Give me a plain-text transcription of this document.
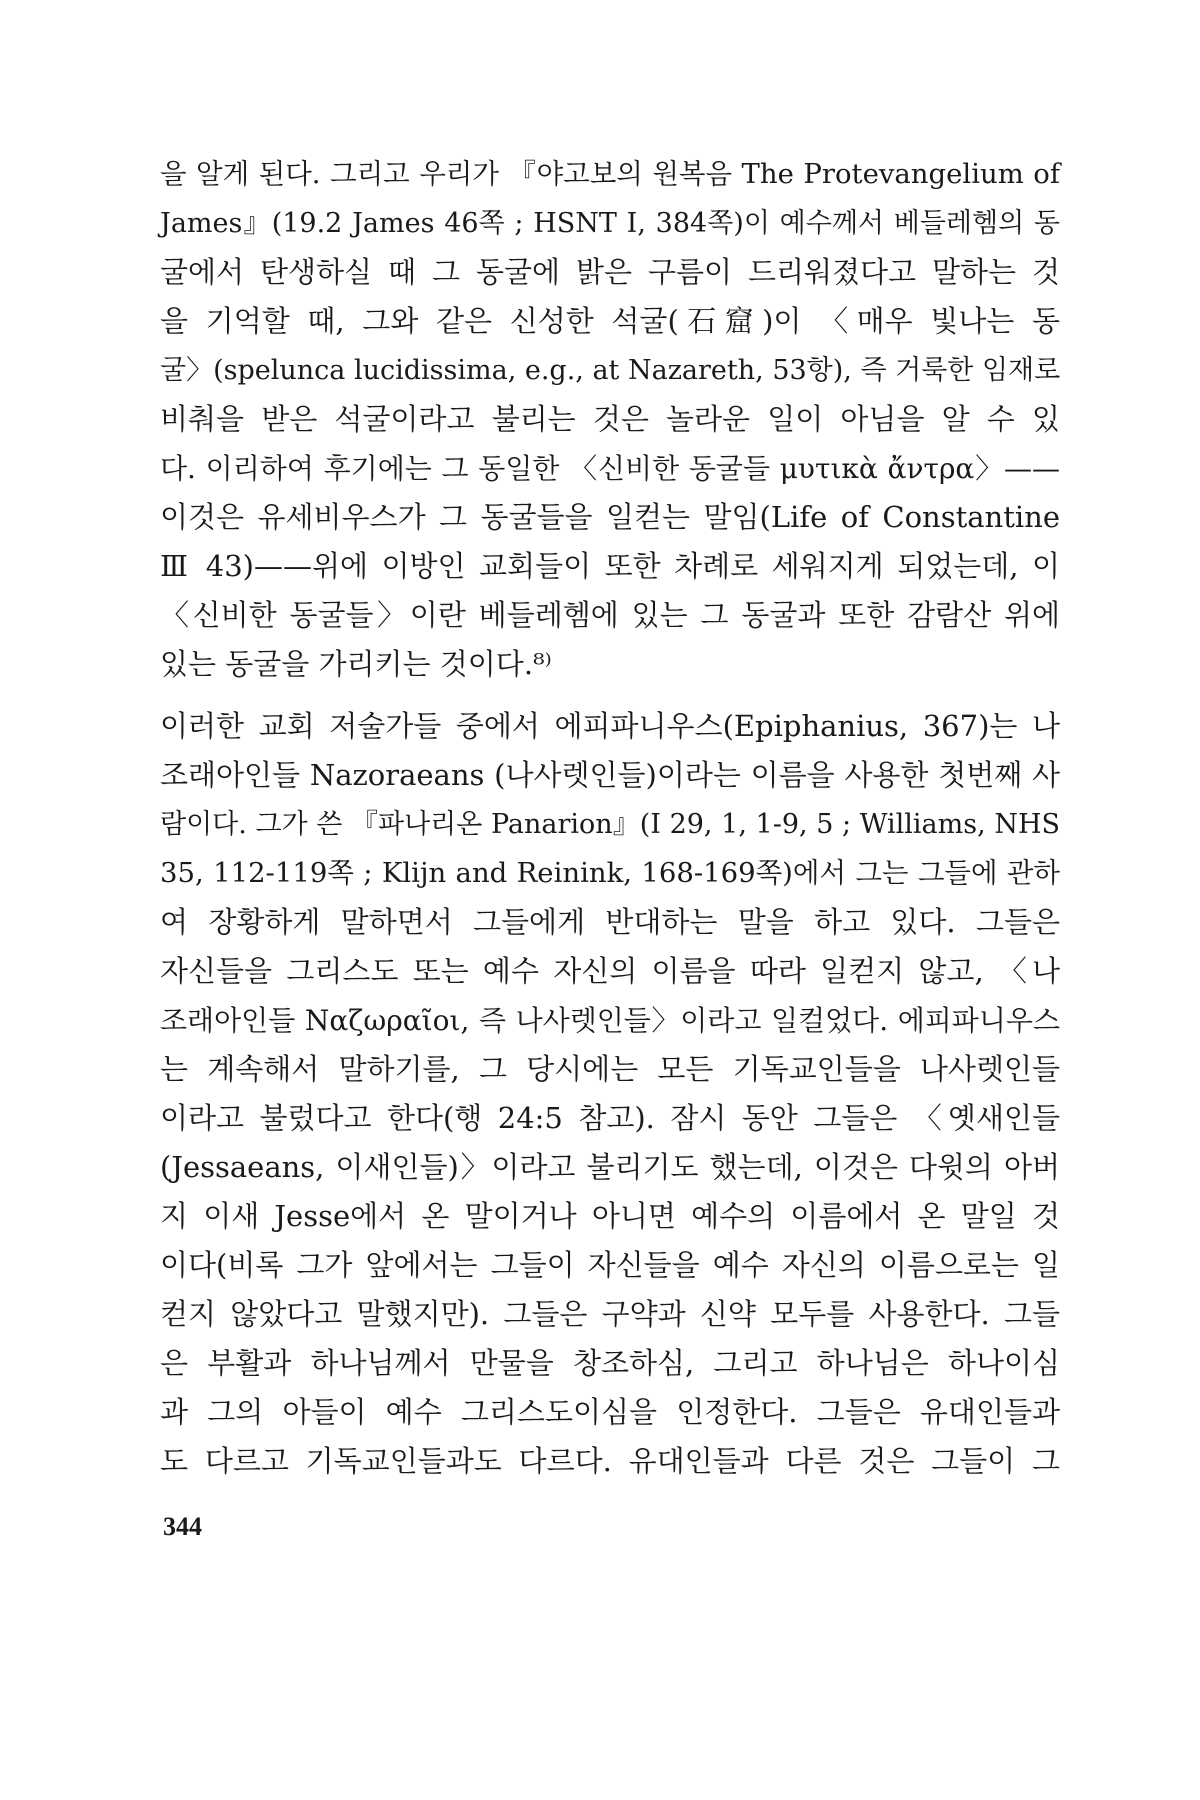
을 알게 된다. 그리고 우리가 『야고보의 원복음 The Protevangelium of
James』(19.2 James 46쪽 ; HSNT I, 384쪽)이 예수께서 베들레헴의 동
굴에서 탄생하실 때 그 동굴에 밝은 구름이 드리워졌다고 말하는 것
을 기억할 때, 그와 같은 신성한 석굴(石窟)이 〈매우 빛나는 동
굴〉(spelunca lucidissima, e.g., at Nazareth, 53항), 즉 거룩한 임재로
비춰을 받은 석굴이라고 불리는 것은 놀라운 일이 아님을 알 수 있
다. 이리하여 후기에는 그 동일한 〈신비한 동굴들 μυτικὰ ἄντρα〉——
이것은 유세비우스가 그 동굴들을 일컫는 말임(Life of Constantine
Ⅲ 43)——위에 이방인 교회들이 또한 차례로 세워지게 되었는데, 이
〈신비한 동굴들〉이란 베들레헴에 있는 그 동굴과 또한 감람산 위에
있는 동굴을 가리키는 것이다.⁸⁾
이러한 교회 저술가들 중에서 에피파니우스(Epiphanius, 367)는 나
조래아인들 Nazoraeans (나사렛인들)이라는 이름을 사용한 첫번째 사
람이다. 그가 쓴 『파나리온 Panarion』(I 29, 1, 1-9, 5 ; Williams, NHS
35, 112-119쪽 ; Klijn and Reinink, 168-169쪽)에서 그는 그들에 관하
여 장황하게 말하면서 그들에게 반대하는 말을 하고 있다. 그들은
자신들을 그리스도 또는 예수 자신의 이름을 따라 일컫지 않고, 〈나
조래아인들 Ναζωραῖοι, 즉 나사렛인들〉이라고 일컬었다. 에피파니우스
는 계속해서 말하기를, 그 당시에는 모든 기독교인들을 나사렛인들
이라고 불렀다고 한다(행 24:5 참고). 잠시 동안 그들은 〈옛새인들
(Jessaeans, 이새인들)〉이라고 불리기도 했는데, 이것은 다윗의 아버
지 이새 Jesse에서 온 말이거나 아니면 예수의 이름에서 온 말일 것
이다(비록 그가 앞에서는 그들이 자신들을 예수 자신의 이름으로는 일
컫지 않았다고 말했지만). 그들은 구약과 신약 모두를 사용한다. 그들
은 부활과 하나님께서 만물을 창조하심, 그리고 하나님은 하나이심
과 그의 아들이 예수 그리스도이심을 인정한다. 그들은 유대인들과
도 다르고 기독교인들과도 다르다. 유대인들과 다른 것은 그들이 그
344
